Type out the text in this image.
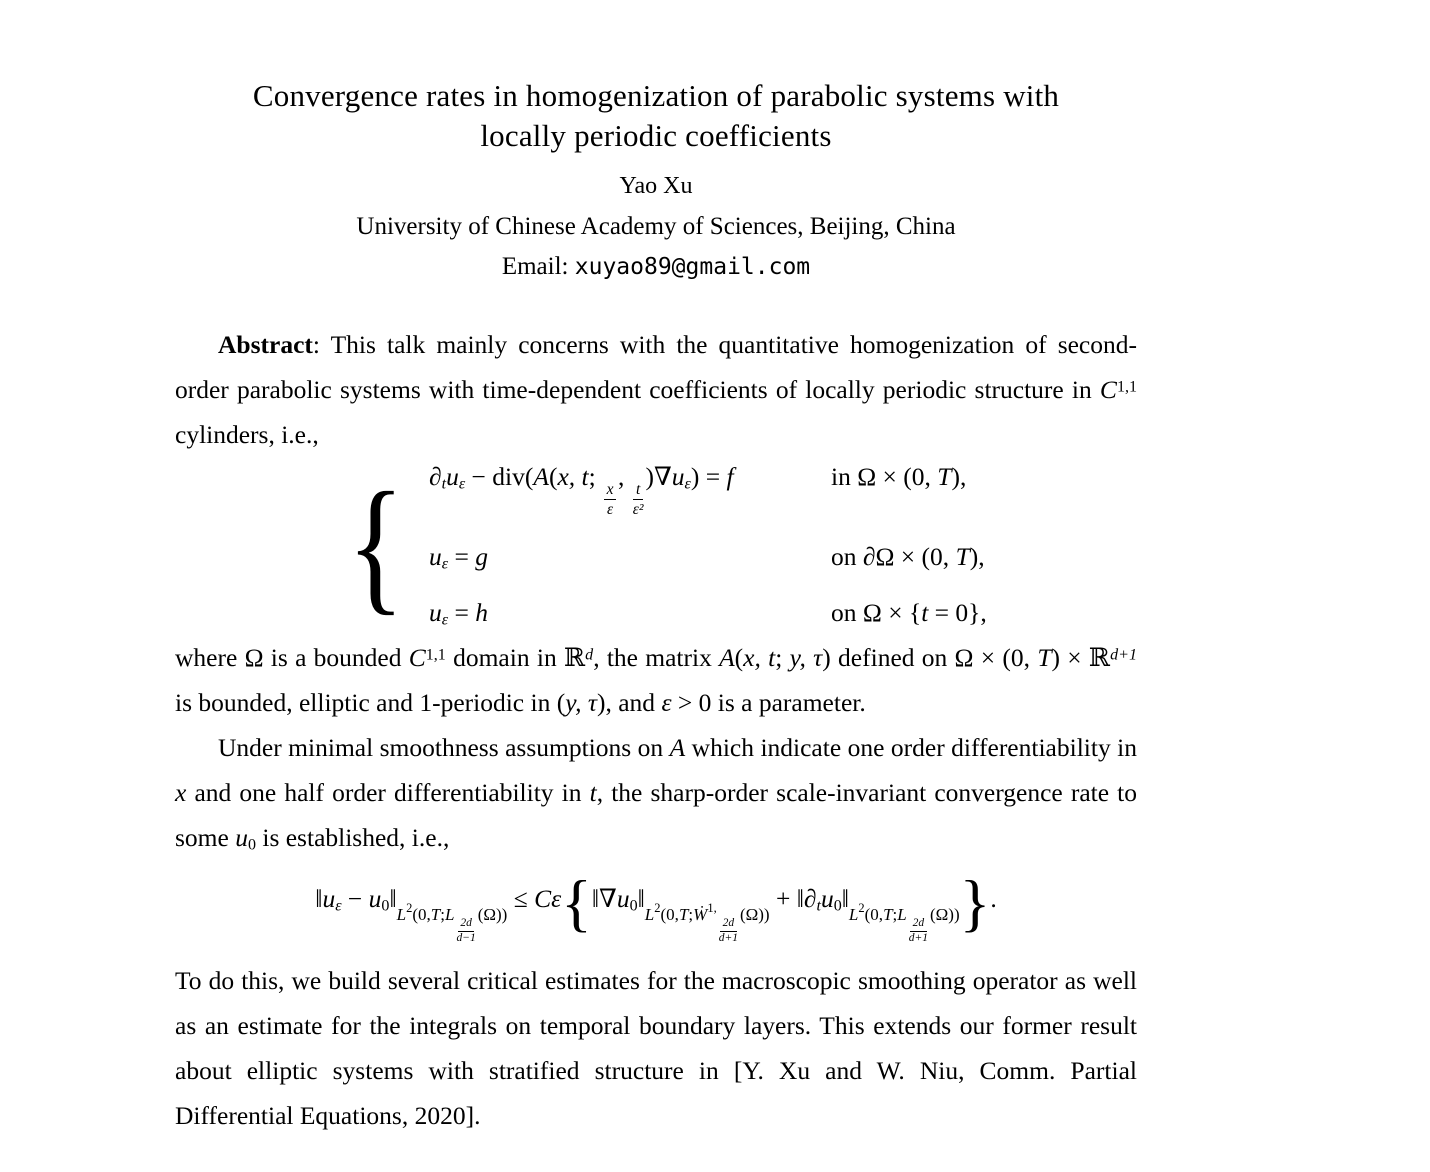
Convergence rates in homogenization of parabolic systems with
locally periodic coefficients
Yao Xu
University of Chinese Academy of Sciences, Beijing, China
Email: xuyao89@gmail.com

Abstract: This talk mainly concerns with the quantitative homogenization of second-order parabolic systems with time-dependent coefficients of locally periodic structure in C$^{1,1}$ cylinders, i.e.,

{ ∂tuε − div(A(x, t;
$\frac{x}{\varepsilon}$
,
$\frac{t}{\text{ε²}}$
)∇uε) = f	in Ω × (0, T),
uε = g	on ∂Ω × (0, T),
uε = h	on Ω × {t = 0},

where Ω is a bounded C$^{1,1}$ domain in ℝ$^d$, the matrix A(x, t; y, τ) defined on Ω × (0, T) × ℝ$^{d+1}$ is bounded, elliptic and 1-periodic in (y, τ), and ε > 0 is a parameter.

Under minimal smoothness assumptions on A which indicate one order differentiability in x and one half order differentiability in t, the sharp-order scale-invariant convergence rate to some u0 is established, i.e.,

‖uε − $u0‖_L2_{(0,T;L}$
$\frac{2d}{d-1}$
$_{(\Omega))} \le C\varepsilon\{‖\nabla u0‖_L2_{(0,T;Ẇ}1$,
$\frac{2d}{d+1}$
$_{(\Omega))} + ‖\partial tu0‖_L2_{(0,T;L}$
$\frac{2d}{d+1}$
$_{(\Omega))}$}.

To do this, we build several critical estimates for the macroscopic smoothing operator as well as an estimate for the integrals on temporal boundary layers. This extends our former result about elliptic systems with stratified structure in [Y. Xu and W. Niu, Comm. Partial Differential Equations, 2020].
